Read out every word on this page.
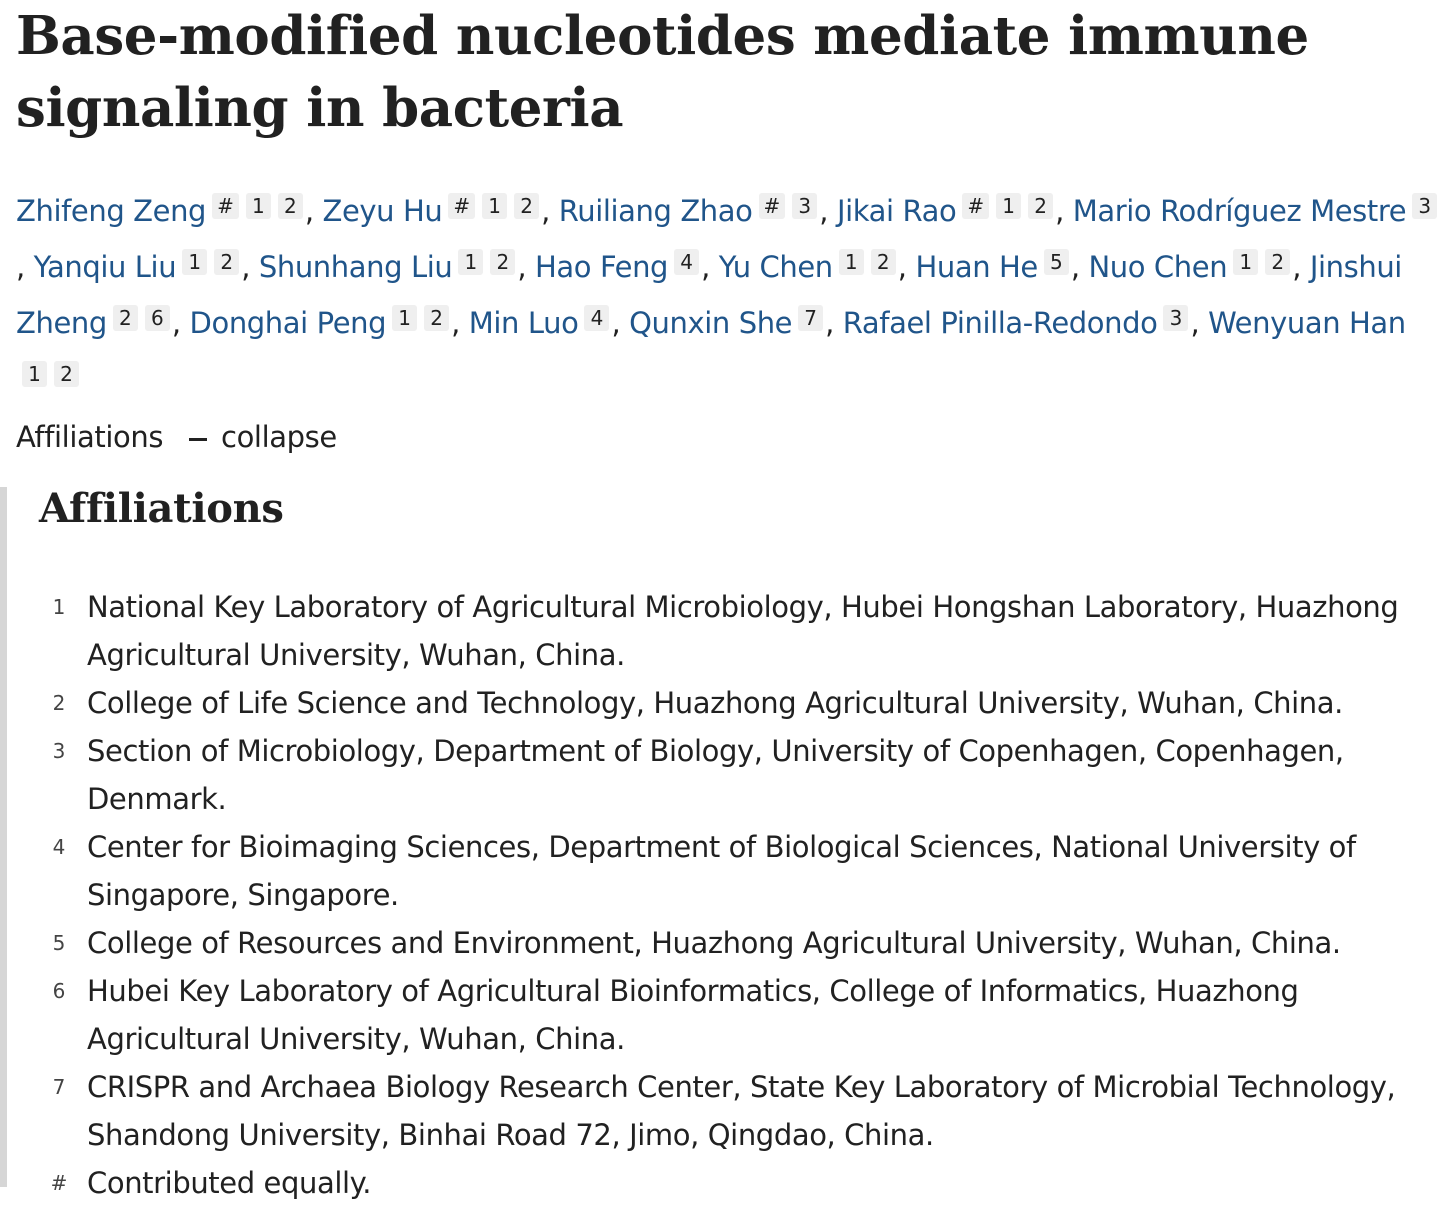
Base-modified nucleotides mediate immune signaling in bacteria
Zhifeng Zeng # 1 2 , Zeyu Hu # 1 2 , Ruiliang Zhao # 3 , Jikai Rao # 1 2 , Mario Rodríguez Mestre 3, Yanqiu Liu 1 2 , Shunhang Liu 1 2 , Hao Feng 4 , Yu Chen 1 2 , Huan He 5 , Nuo Chen 1 2 , Jinshui Zheng 2 6 , Donghai Peng 1 2 , Min Luo 4 , Qunxin She 7 , Rafael Pinilla-Redondo 3 , Wenyuan Han1 2
Affiliations collapse
Affiliations
1 National Key Laboratory of Agricultural Microbiology, Hubei Hongshan Laboratory, Huazhong Agricultural University, Wuhan, China.
2 College of Life Science and Technology, Huazhong Agricultural University, Wuhan, China.
3 Section of Microbiology, Department of Biology, University of Copenhagen, Copenhagen, Denmark.
4 Center for Bioimaging Sciences, Department of Biological Sciences, National University of Singapore, Singapore.
5 College of Resources and Environment, Huazhong Agricultural University, Wuhan, China.
6 Hubei Key Laboratory of Agricultural Bioinformatics, College of Informatics, Huazhong Agricultural University, Wuhan, China.
7 CRISPR and Archaea Biology Research Center, State Key Laboratory of Microbial Technology, Shandong University, Binhai Road 72, Jimo, Qingdao, China.
# Contributed equally.
